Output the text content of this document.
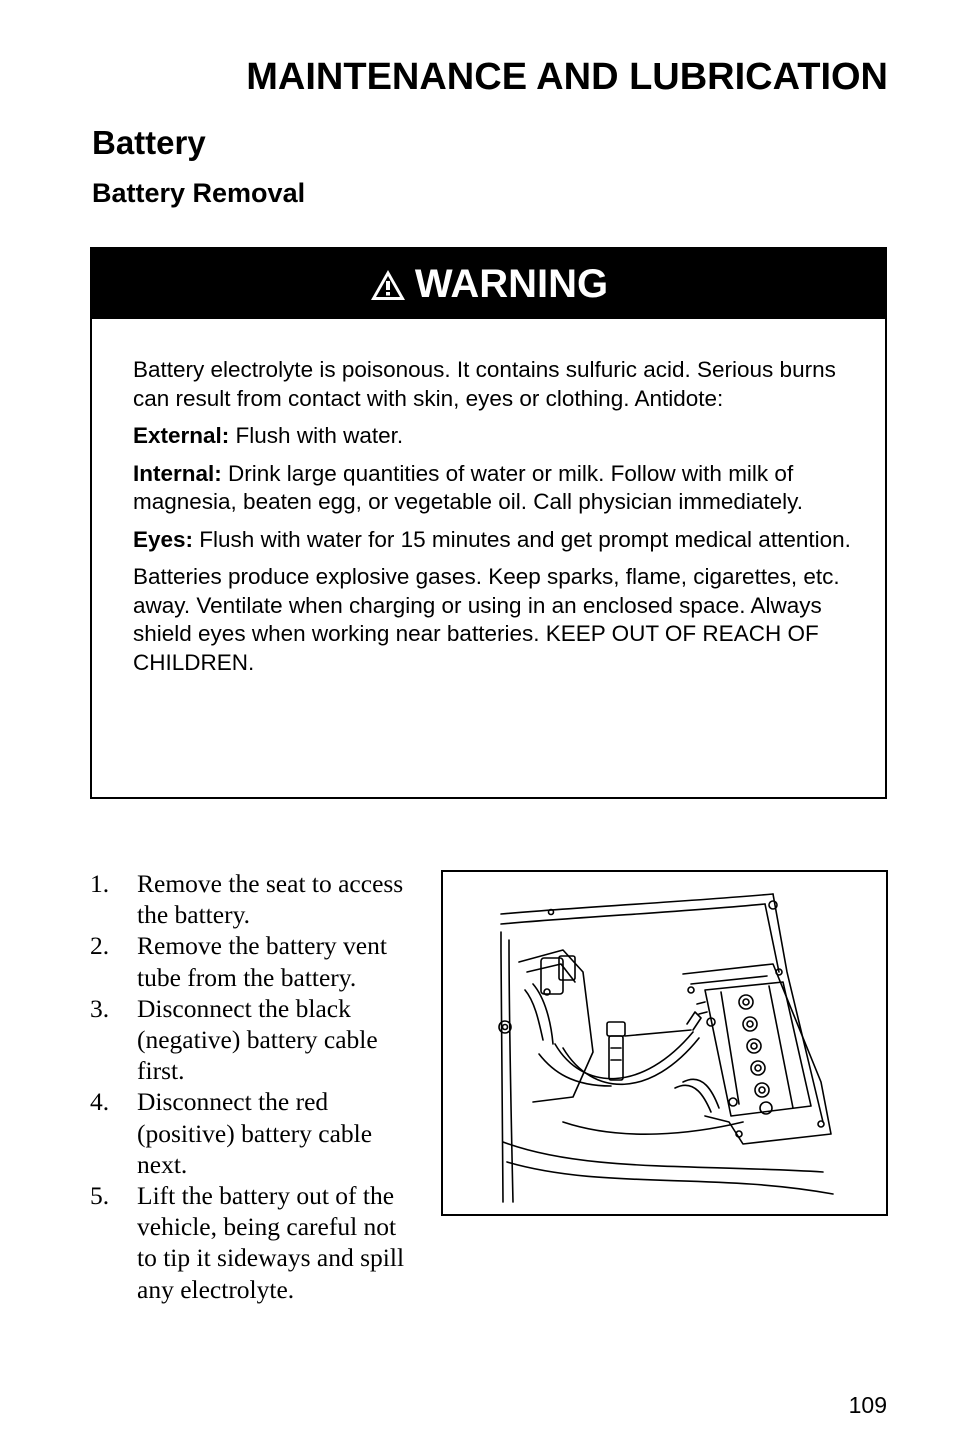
MAINTENANCE AND LUBRICATION
Battery
Battery Removal
WARNING

Battery electrolyte is poisonous. It contains sulfuric acid. Serious burns can result from contact with skin, eyes or clothing. Antidote:

External: Flush with water.

Internal: Drink large quantities of water or milk. Follow with milk of magnesia, beaten egg, or vegetable oil. Call physician immediately.

Eyes: Flush with water for 15 minutes and get prompt medical attention.

Batteries produce explosive gases. Keep sparks, flame, cigarettes, etc. away. Ventilate when charging or using in an enclosed space. Always shield eyes when working near batteries. KEEP OUT OF REACH OF CHILDREN.

1. Remove the seat to access the battery.
2. Remove the battery vent tube from the battery.
3. Disconnect the black (negative) battery cable first.
4. Disconnect the red (positive) battery cable next.
5. Lift the battery out of the vehicle, being careful not to tip it sideways and spill any electrolyte.
109
